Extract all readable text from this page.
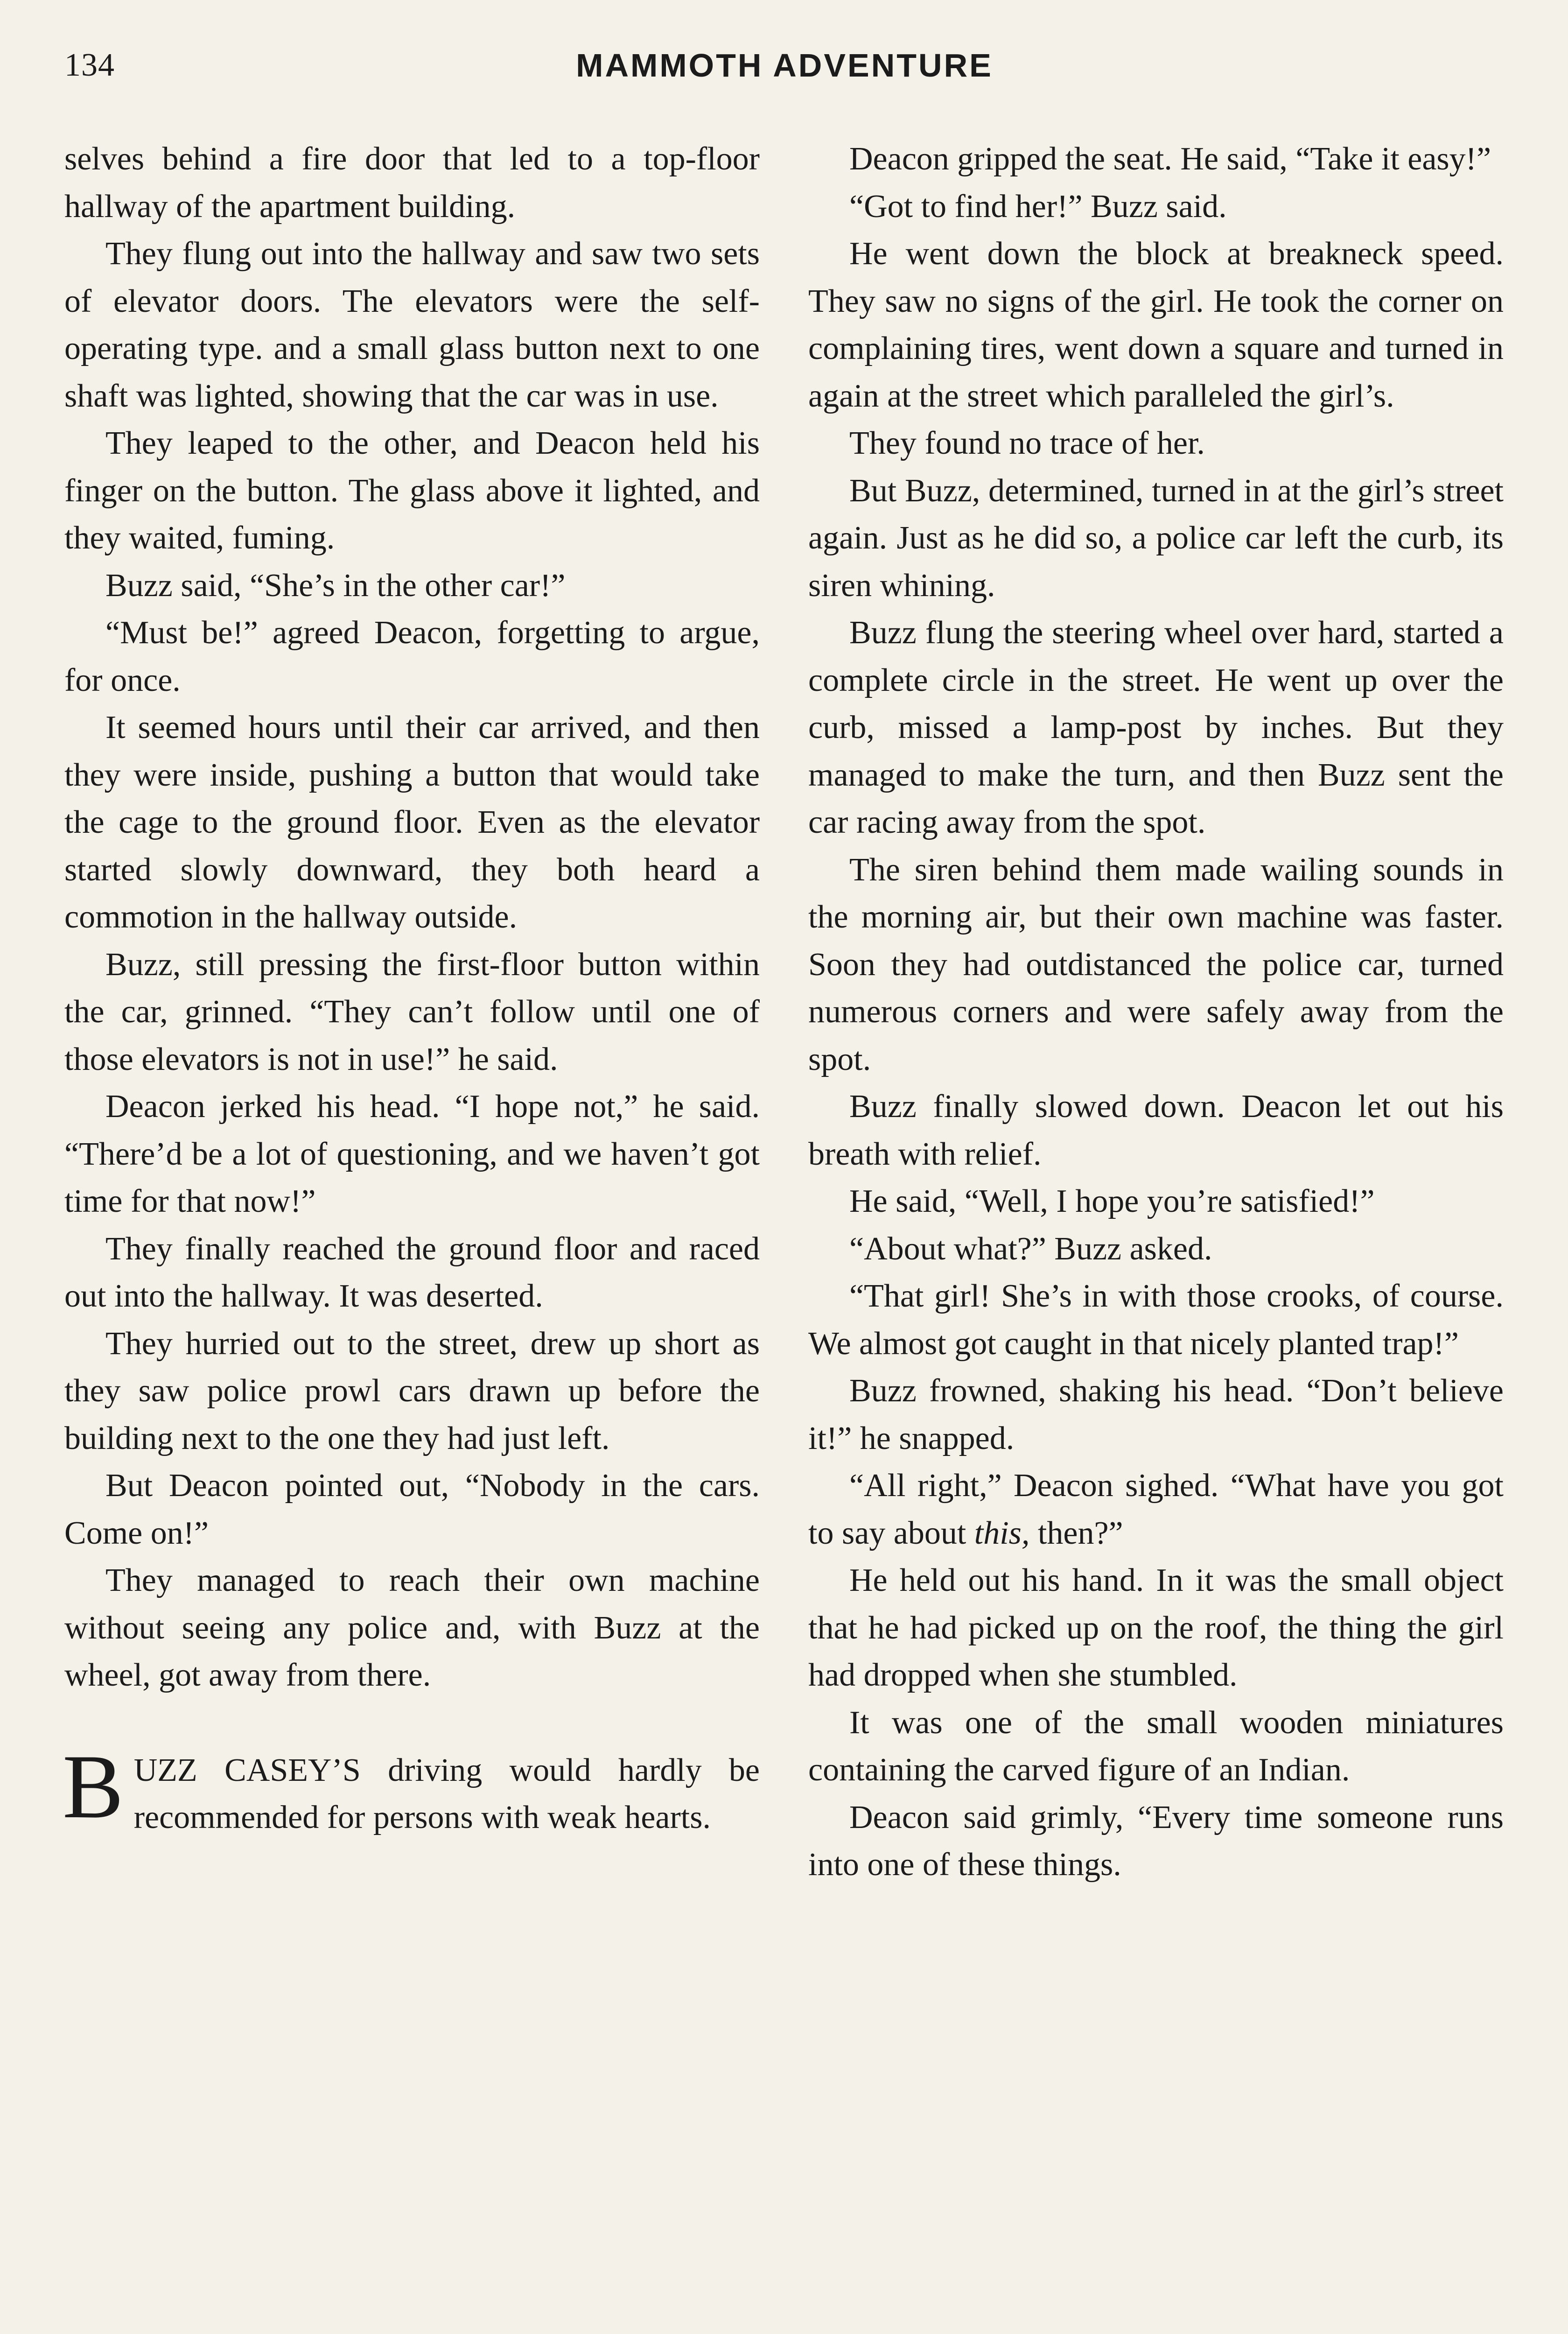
134	MAMMOTH ADVENTURE

selves behind a fire door that led to a top-floor hallway of the apartment building.

They flung out into the hallway and saw two sets of elevator doors. The elevators were the self-operating type. and a small glass button next to one shaft was lighted, showing that the car was in use.

They leaped to the other, and Deacon held his finger on the button. The glass above it lighted, and they waited, fuming.

Buzz said, “She’s in the other car!”

“Must be!” agreed Deacon, forgetting to argue, for once.

It seemed hours until their car arrived, and then they were inside, pushing a button that would take the cage to the ground floor. Even as the elevator started slowly downward, they both heard a commotion in the hallway outside.

Buzz, still pressing the first-floor button within the car, grinned. “They can’t follow until one of those elevators is not in use!” he said.

Deacon jerked his head. “I hope not,” he said. “There’d be a lot of questioning, and we haven’t got time for that now!”

They finally reached the ground floor and raced out into the hallway. It was deserted.

They hurried out to the street, drew up short as they saw police prowl cars drawn up before the building next to the one they had just left.

But Deacon pointed out, “Nobody in the cars. Come on!”

They managed to reach their own machine without seeing any police and, with Buzz at the wheel, got away from there.

BUZZ CASEY’S driving would hardly be recommended for persons with weak hearts.

Deacon gripped the seat. He said, “Take it easy!”

“Got to find her!” Buzz said.

He went down the block at breakneck speed. They saw no signs of the girl. He took the corner on complaining tires, went down a square and turned in again at the street which paralleled the girl’s.

They found no trace of her.

But Buzz, determined, turned in at the girl’s street again. Just as he did so, a police car left the curb, its siren whining.

Buzz flung the steering wheel over hard, started a complete circle in the street. He went up over the curb, missed a lamp-post by inches. But they managed to make the turn, and then Buzz sent the car racing away from the spot.

The siren behind them made wailing sounds in the morning air, but their own machine was faster. Soon they had outdistanced the police car, turned numerous corners and were safely away from the spot.

Buzz finally slowed down. Deacon let out his breath with relief.

He said, “Well, I hope you’re satisfied!”

“About what?” Buzz asked.

“That girl! She’s in with those crooks, of course. We almost got caught in that nicely planted trap!”

Buzz frowned, shaking his head. “Don’t believe it!” he snapped.

“All right,” Deacon sighed. “What have you got to say about this, then?”

He held out his hand. In it was the small object that he had picked up on the roof, the thing the girl had dropped when she stumbled.

It was one of the small wooden miniatures containing the carved figure of an Indian.

Deacon said grimly, “Every time someone runs into one of these things.
